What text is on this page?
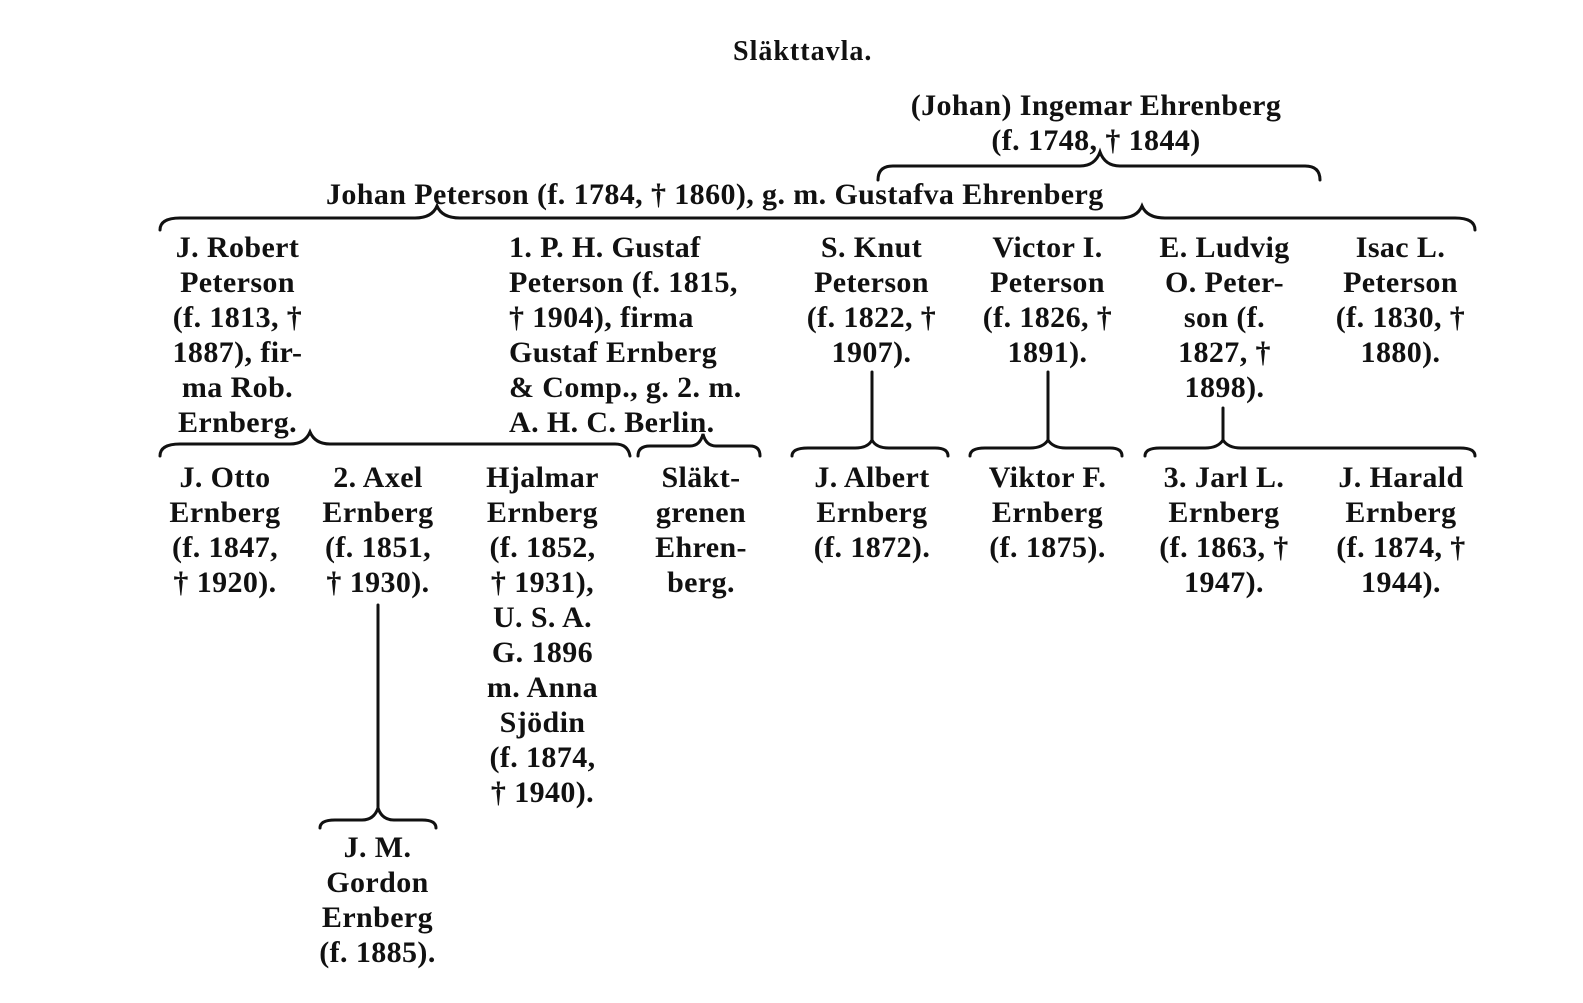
Släkttavla.
(Johan) Ingemar Ehrenberg
(f. 1748, † 1844)
Johan Peterson (f. 1784, † 1860), g. m. Gustafva Ehrenberg
J. Robert
Peterson
(f. 1813, †
1887), fir-
ma Rob.
Ernberg.
1. P. H. Gustaf
Peterson (f. 1815,
† 1904), firma
Gustaf Ernberg
& Comp., g. 2. m.
A. H. C. Berlin.
S. Knut
Peterson
(f. 1822, †
1907).
Victor I.
Peterson
(f. 1826, †
1891).
E. Ludvig
O. Peter-
son (f.
1827, †
1898).
Isac L.
Peterson
(f. 1830, †
1880).
J. Otto
Ernberg
(f. 1847,
† 1920).
2. Axel
Ernberg
(f. 1851,
† 1930).
Hjalmar
Ernberg
(f. 1852,
† 1931),
U. S. A.
G. 1896
m. Anna
Sjödin
(f. 1874,
† 1940).
Släkt-
grenen
Ehren-
berg.
J. Albert
Ernberg
(f. 1872).
Viktor F.
Ernberg
(f. 1875).
3. Jarl L.
Ernberg
(f. 1863, †
1947).
J. Harald
Ernberg
(f. 1874, †
1944).
J. M.
Gordon
Ernberg
(f. 1885).
